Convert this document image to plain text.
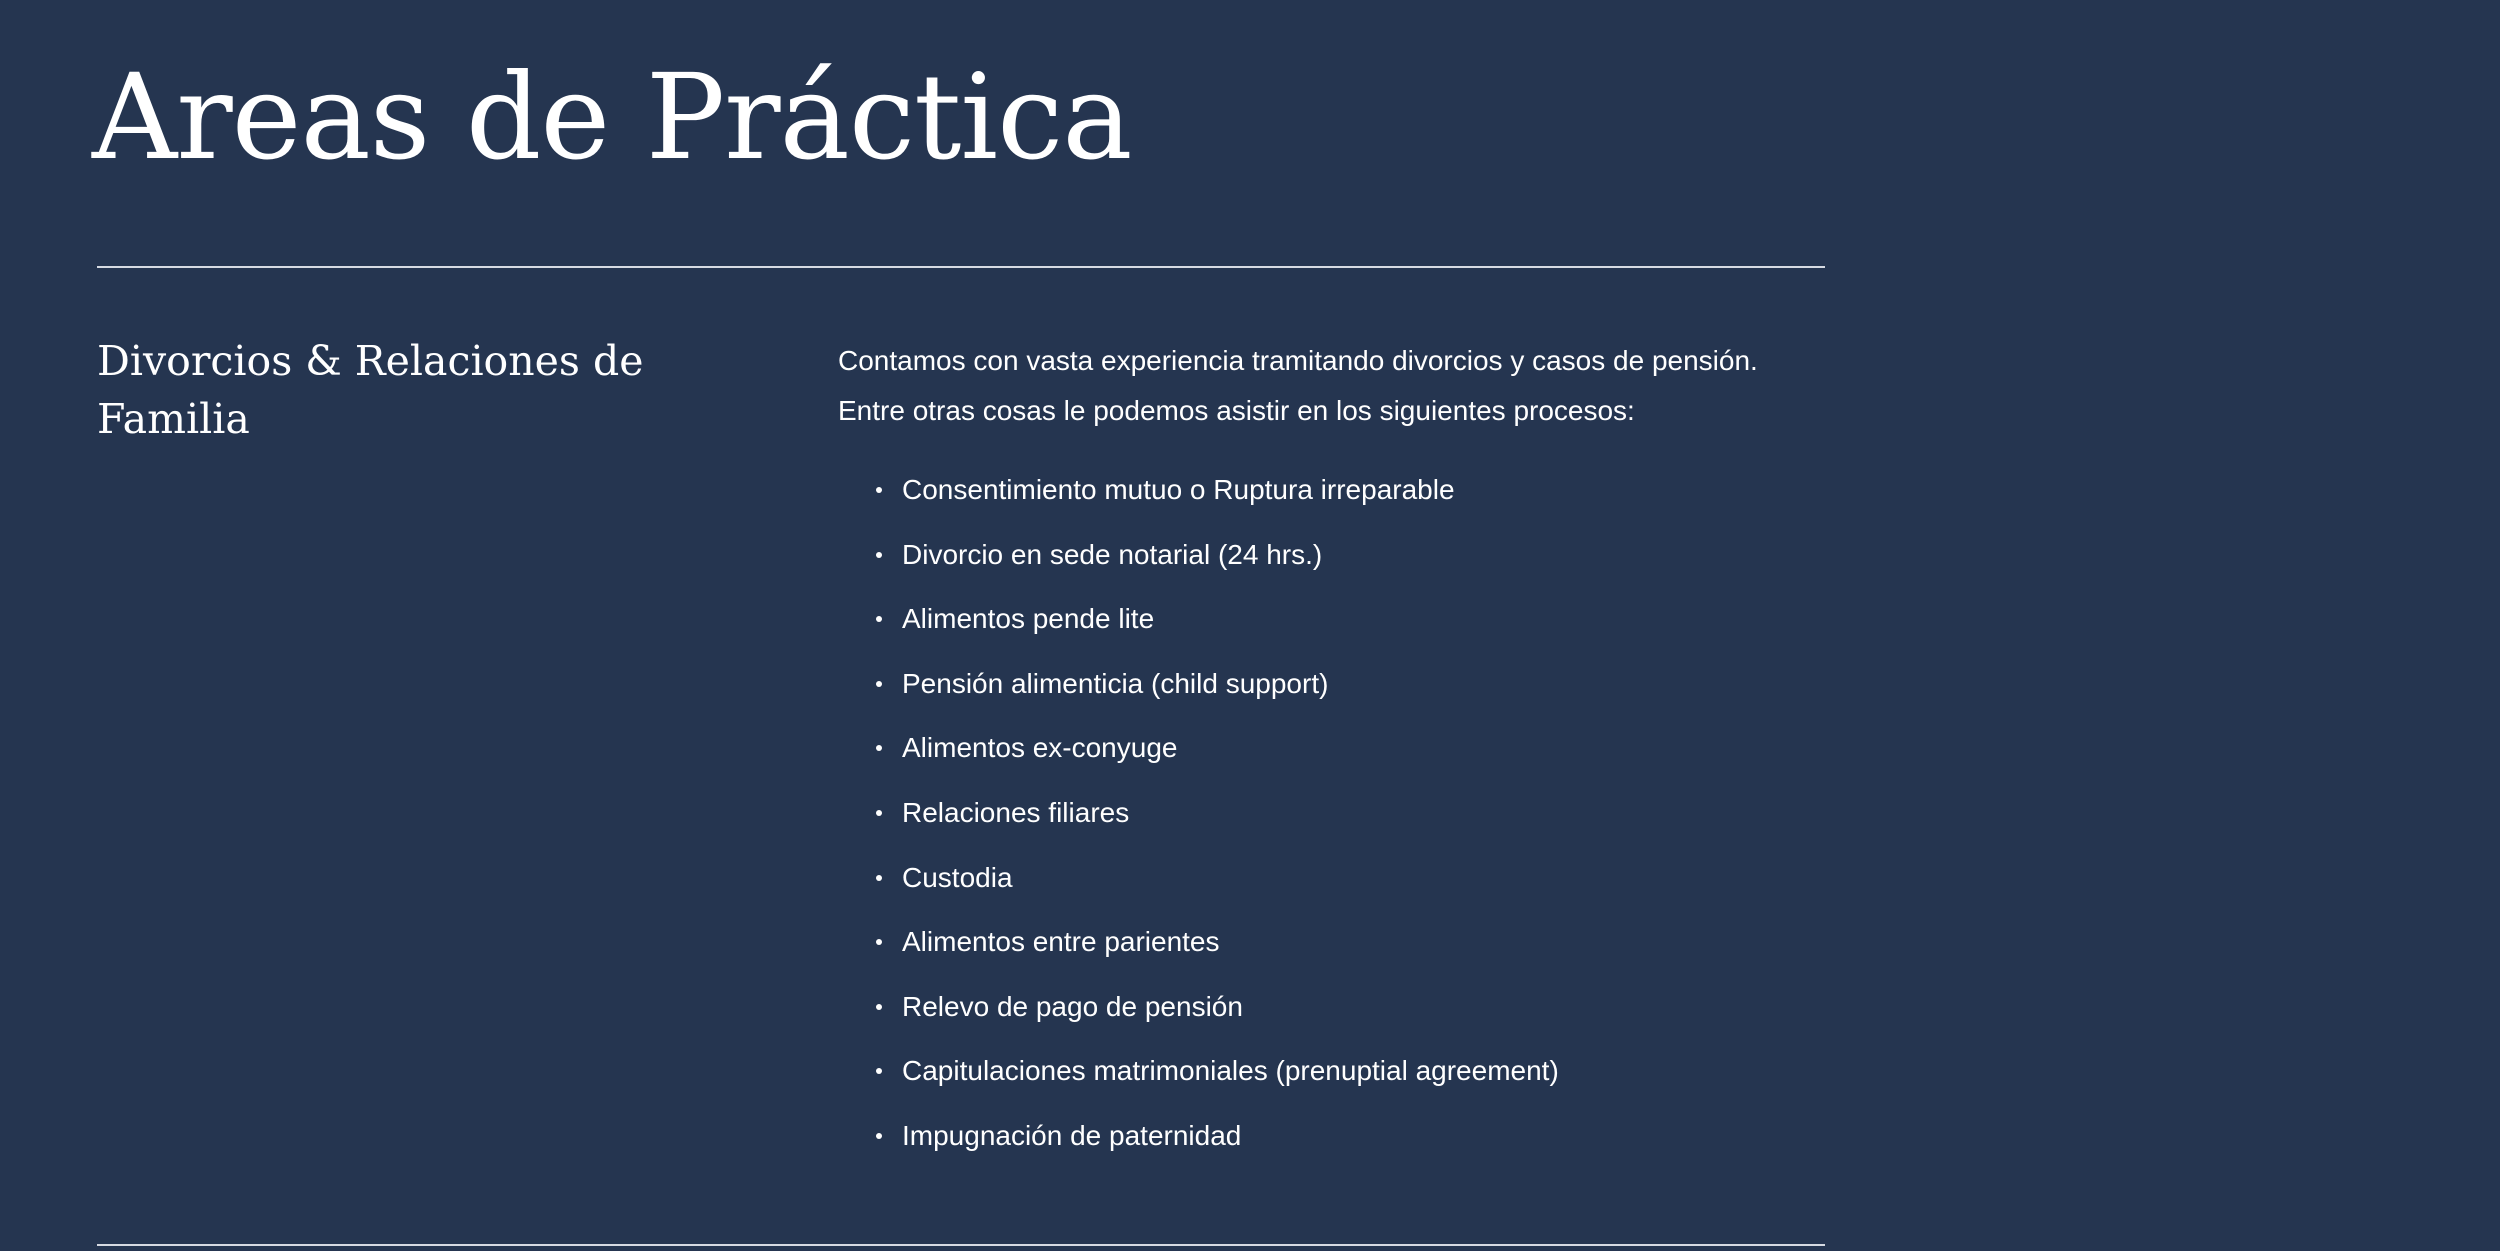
Areas de Práctica
Divorcios & Relaciones de Familia

Contamos con vasta experiencia tramitando divorcios y casos de pensión.
Entre otras cosas le podemos asistir en los siguientes procesos:

Consentimiento mutuo o Ruptura irreparable
Divorcio en sede notarial (24 hrs.)
Alimentos pende lite
Pensión alimenticia (child support)
Alimentos ex-conyuge
Relaciones filiares
Custodia
Alimentos entre parientes
Relevo de pago de pensión
Capitulaciones matrimoniales (prenuptial agreement)
Impugnación de paternidad
